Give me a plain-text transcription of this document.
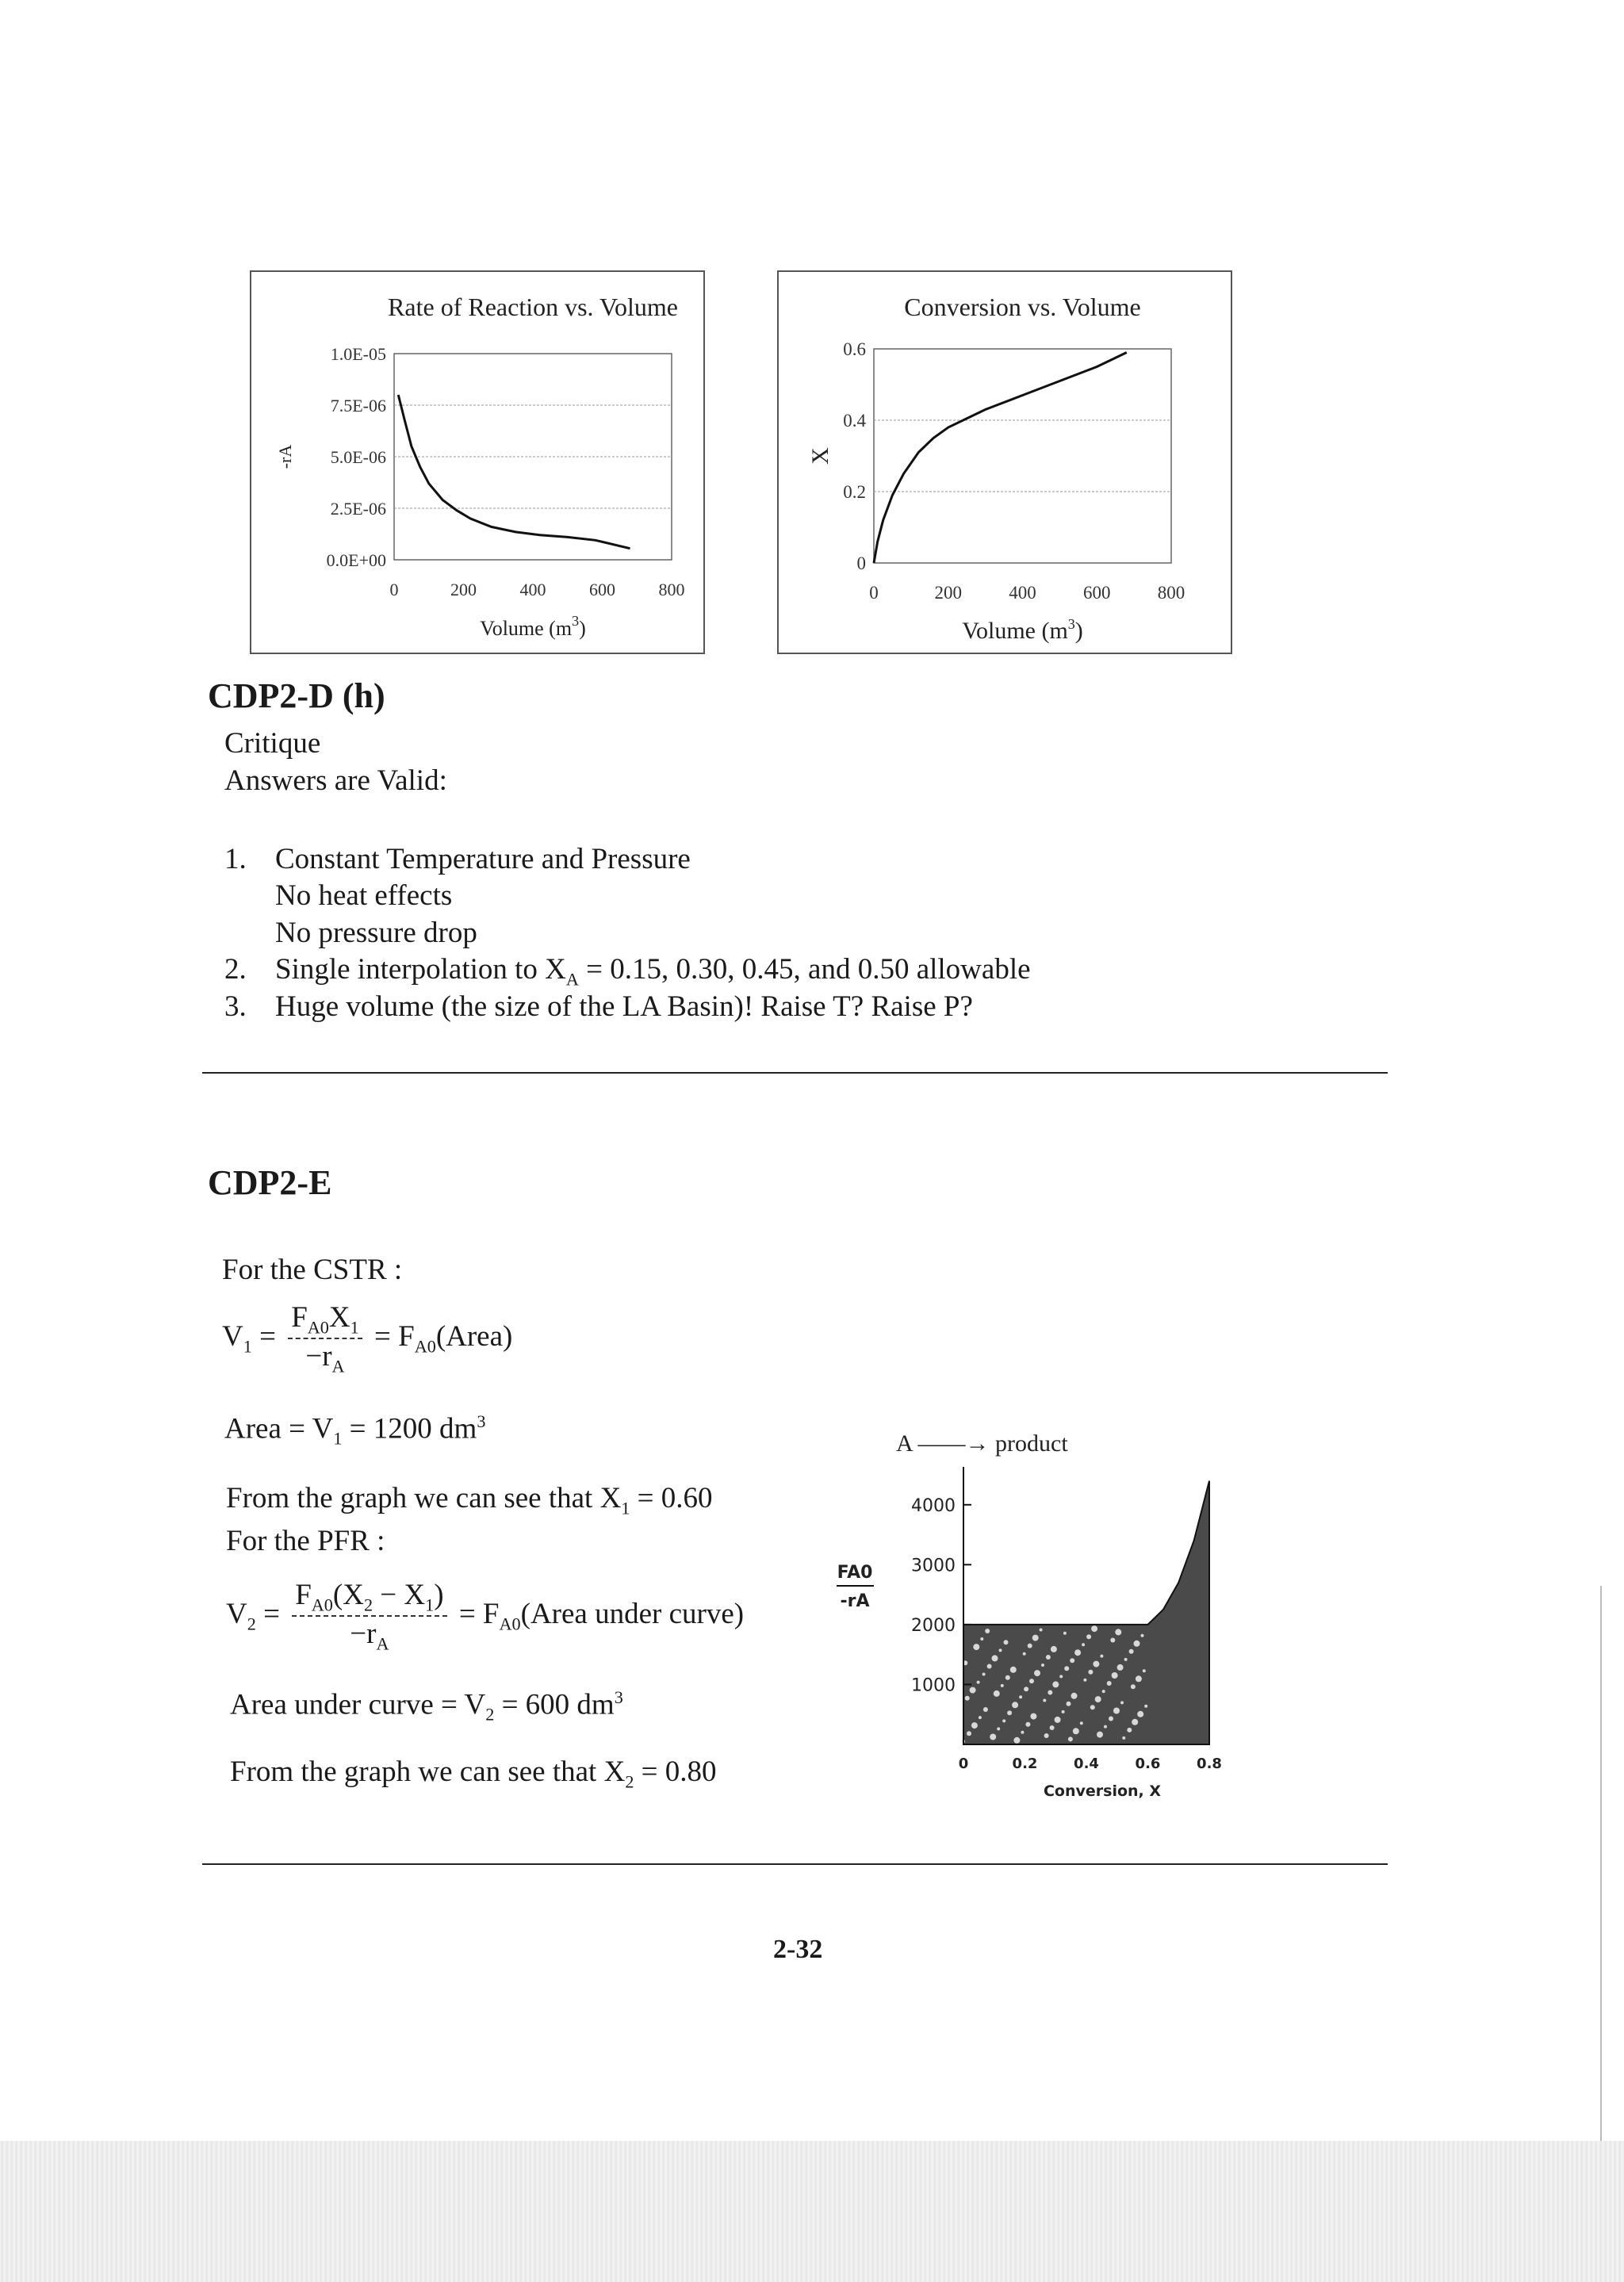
Rate of Reaction vs. Volume
0.0E+00
2.5E-06
5.0E-06
7.5E-06
1.0E-05
0	200 400 600 800
Volume $(m^3)$
-rA
Conversion vs. Volume
0
0.2
0.4
0.6
0	200	400	600	800
Volume $(m^3)$
X
CDP2-D (h)
Critique
Answers are Valid:
1. Constant Temperature and Pressure
No heat effects
No pressure drop
2. Single interpolation to $X_A = 0.15$, 0.30, 0.45, and 0.50 allowable
3. Huge volume (the size of the LA Basin)! Raise T? Raise P?
CDP2-E
For the CSTR :
$V_1 = \frac{F_{A0}X_1}{-r_A}$ = $F_{A0}(Area)$
Area = $V_1 = 1200$ $dm^3$
From the graph we can see that $X_1 = 0.60$
For the PFR :
$V_2 = \frac{F_{A0}(X_2 - X_1)}{-r_A}$ = $F_{A0}(Area$ under curve)
Area under curve = $V_2 = 600$ $dm^3$
From the graph we can see that $X_2 = 0.80$
A ——→ product
1000
2000
3000
4000
0	0.2	0.4	0.6	0.8
Conversion, X
FA0
-rA
2-32
